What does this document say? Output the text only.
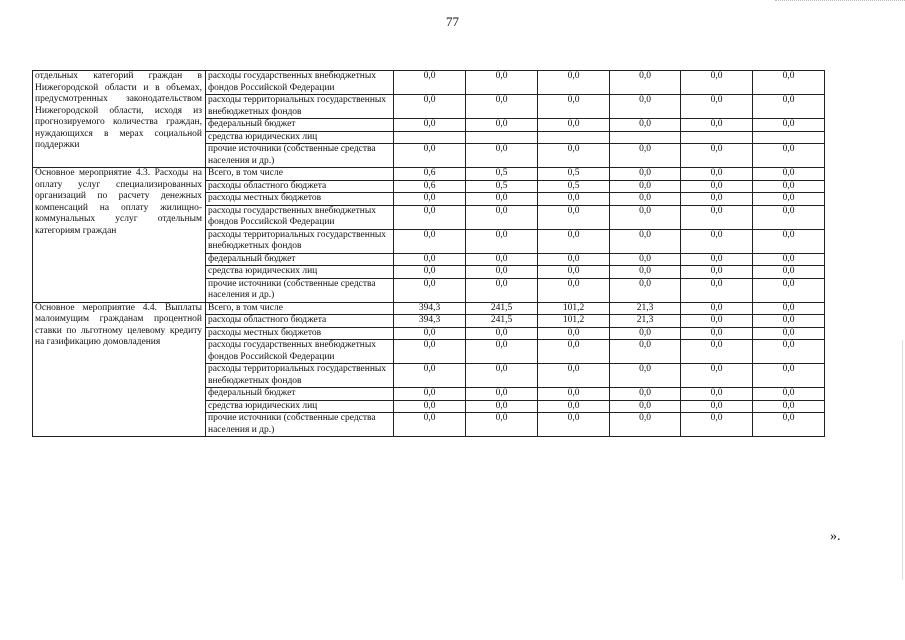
77
отдельных категорий граждан в Нижегородской области и в объемах, предусмотренных законодательством Нижегородской области, исходя из прогнозируемого количества граждан, нуждающихся в мерах социальной поддержки	расходы государственных внебюджетных фондов Российской Федерации	0,0	0,0	0,0	0,0	0,0	0,0
	расходы территориальных государственных внебюджетных фондов	0,0	0,0	0,0	0,0	0,0	0,0
	федеральный бюджет	0,0	0,0	0,0	0,0	0,0	0,0
	средства юридических лиц						
	прочие источники (собственные средства населения и др.)	0,0	0,0	0,0	0,0	0,0	0,0
Основное мероприятие 4.3. Расходы на оплату услуг специализированных организаций по расчету денежных компенсаций на оплату жилищно-коммунальных услуг отдельным категориям граждан	Всего, в том числе	0,6	0,5	0,5	0,0	0,0	0,0
	расходы областного бюджета	0,6	0,5	0,5	0,0	0,0	0,0
	расходы местных бюджетов	0,0	0,0	0,0	0,0	0,0	0,0
	расходы государственных внебюджетных фондов Российской Федерации	0,0	0,0	0,0	0,0	0,0	0,0
	расходы территориальных государственных внебюджетных фондов	0,0	0,0	0,0	0,0	0,0	0,0
	федеральный бюджет	0,0	0,0	0,0	0,0	0,0	0,0
	средства юридических лиц	0,0	0,0	0,0	0,0	0,0	0,0
	прочие источники (собственные средства населения и др.)	0,0	0,0	0,0	0,0	0,0	0,0
Основное мероприятие 4.4. Выплаты малоимущим гражданам процентной ставки по льготному целевому кредиту на газификацию домовладения	Всего, в том числе	394,3	241,5	101,2	21,3	0,0	0,0
	расходы областного бюджета	394,3	241,5	101,2	21,3	0,0	0,0
	расходы местных бюджетов	0,0	0,0	0,0	0,0	0,0	0,0
	расходы государственных внебюджетных фондов Российской Федерации	0,0	0,0	0,0	0,0	0,0	0,0
	расходы территориальных государственных внебюджетных фондов	0,0	0,0	0,0	0,0	0,0	0,0
	федеральный бюджет	0,0	0,0	0,0	0,0	0,0	0,0
	средства юридических лиц	0,0	0,0	0,0	0,0	0,0	0,0
	прочие источники (собственные средства населения и др.)	0,0	0,0	0,0	0,0	0,0	0,0
».
